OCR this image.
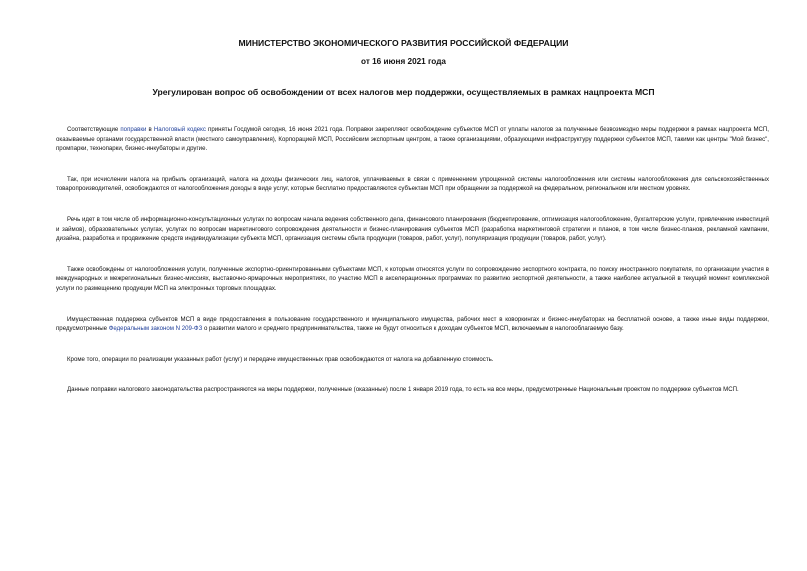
МИНИСТЕРСТВО ЭКОНОМИЧЕСКОГО РАЗВИТИЯ РОССИЙСКОЙ ФЕДЕРАЦИИ
от 16 июня 2021 года
Урегулирован вопрос об освобождении от всех налогов мер поддержки, осуществляемых в рамках нацпроекта МСП

Соответствующие поправки в Налоговый кодекс приняты Госдумой сегодня, 16 июня 2021 года. Поправки закрепляют освобождение субъектов МСП от уплаты налогов за полученные безвозмездно меры поддержки в рамках нацпроекта МСП, оказываемые органами государственной власти (местного самоуправления), Корпорацией МСП, Российским экспортным центром, а также организациями, образующими инфраструктуру поддержки субъектов МСП, такими как центры "Мой бизнес", промпарки, технопарки, бизнес-инкубаторы и другие.

Так, при исчислении налога на прибыль организаций, налога на доходы физических лиц, налогов, уплачиваемых в связи с применением упрощенной системы налогообложения или системы налогообложения для сельскохозяйственных товаропроизводителей, освобождаются от налогообложения доходы в виде услуг, которые бесплатно предоставляются субъектам МСП при обращении за поддержкой на федеральном, региональном или местном уровнях.

Речь идет в том числе об информационно-консультационных услугах по вопросам начала ведения собственного дела, финансового планирования (бюджетирование, оптимизация налогообложение, бухгалтерские услуги, привлечение инвестиций и займов), образовательных услугах, услугах по вопросам маркетингового сопровождения деятельности и бизнес-планирования субъектов МСП (разработка маркетинговой стратегии и планов, в том числе бизнес-планов, рекламной кампании, дизайна, разработка и продвижение средств индивидуализации субъекта МСП, организация системы сбыта продукции (товаров, работ, услуг), популяризация продукции (товаров, работ, услуг).

Также освобождены от налогообложения услуги, полученные экспортно-ориентированными субъектами МСП, к которым относятся услуги по сопровождению экспортного контракта, по поиску иностранного покупателя, по организации участия в международных и межрегиональных бизнес-миссиях, выставочно-ярмарочных мероприятиях, по участию МСП в акселерационных программах по развитию экспортной деятельности, а также наиболее актуальной в текущий момент комплексной услуги по размещению продукции МСП на электронных торговых площадках.

Имущественная поддержка субъектов МСП в виде предоставления в пользование государственного и муниципального имущества, рабочих мест в коворкингах и бизнес-инкубаторах на бесплатной основе, а также иные виды поддержки, предусмотренные Федеральным законом N 209-ФЗ о развитии малого и среднего предпринимательства, также не будут относиться к доходам субъектов МСП, включаемым в налогооблагаемую базу.

Кроме того, операции по реализации указанных работ (услуг) и передаче имущественных прав освобождаются от налога на добавленную стоимость.

Данные поправки налогового законодательства распространяются на меры поддержки, полученные (оказанные) после 1 января 2019 года, то есть на все меры, предусмотренные Национальным проектом по поддержке субъектов МСП.
